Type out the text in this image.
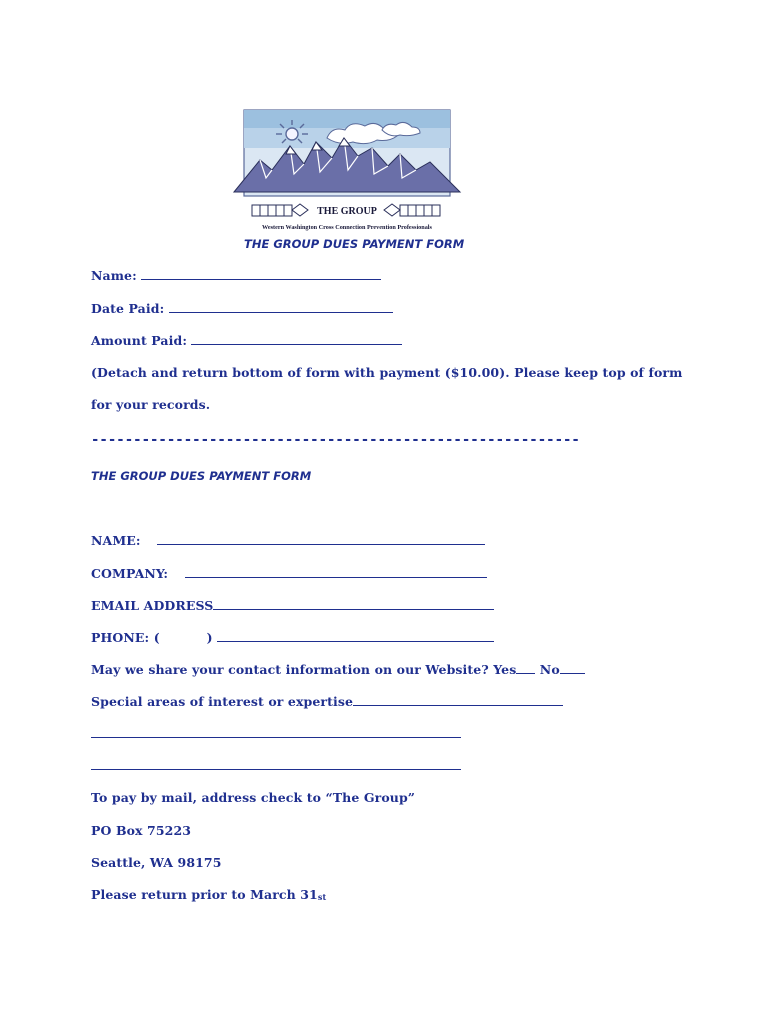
THE GROUP
Western Washington Cross Connection Prevention Professionals
THE GROUP DUES PAYMENT FORM
Name:
Date Paid:
Amount Paid:
(Detach and return bottom of form with payment ($10.00). Please keep top of form
for your records.
----------------------------------------------------------
THE GROUP DUES PAYMENT FORM
NAME:
COMPANY:
EMAIL ADDRESS
PHONE: (	)
May we share your contact information on our Website? Yes No
Special areas of interest or expertise
To pay by mail, address check to “The Group”
PO Box 75223
Seattle, WA 98175
Please return prior to March 31st
